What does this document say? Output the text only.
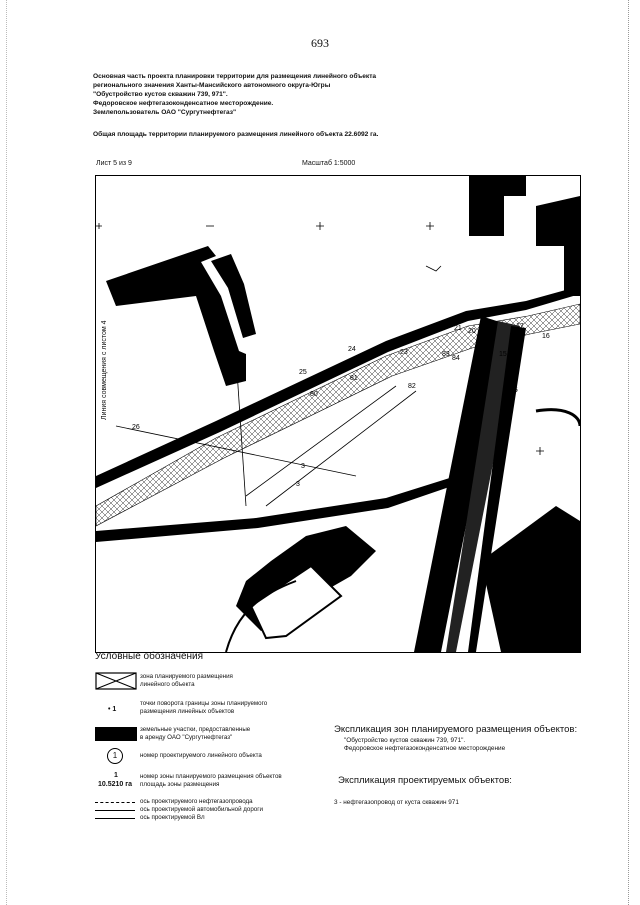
693
Основная часть проекта планировки территории для размещения линейного объекта
регионального значения Ханты-Мансийского автономного округа-Югры
"Обустройство кустов скважин 739, 971".
Федоровское нефтегазоконденсатное месторождение.
Землепользователь ОАО "Сургутнефтегаз"
Общая площадь территории планируемого размещения линейного объекта 22.6092 га.
Лист 5 из 9	Масштаб 1:5000
22 21 20
19
17
16
15
24	23	83
84
81
82
25
80
85
26
3
3
Линия совмещения с листом 4
Условные обозначения
зона планируемого размещения
линейного объекта
• 1
точки поворота границы зоны планируемого
размещения линейных объектов
земельные участки, предоставленные
в аренду ОАО "Сургутнефтегаз"
1	номер проектируемого линейного объекта
1
10.5210 га
номер зоны планируемого размещения объектов
площадь зоны размещения
ось проектируемого нефтегазопровода
ось проектируемой автомобильной дороги
ось проектируемой Вл
Экспликация зон планируемого размещения объектов:
"Обустройство кустов скважин 739, 971".
Федоровское нефтегазоконденсатное месторождение
Экспликация проектируемых объектов:
3 - нефтегазопровод от куста скважин 971
